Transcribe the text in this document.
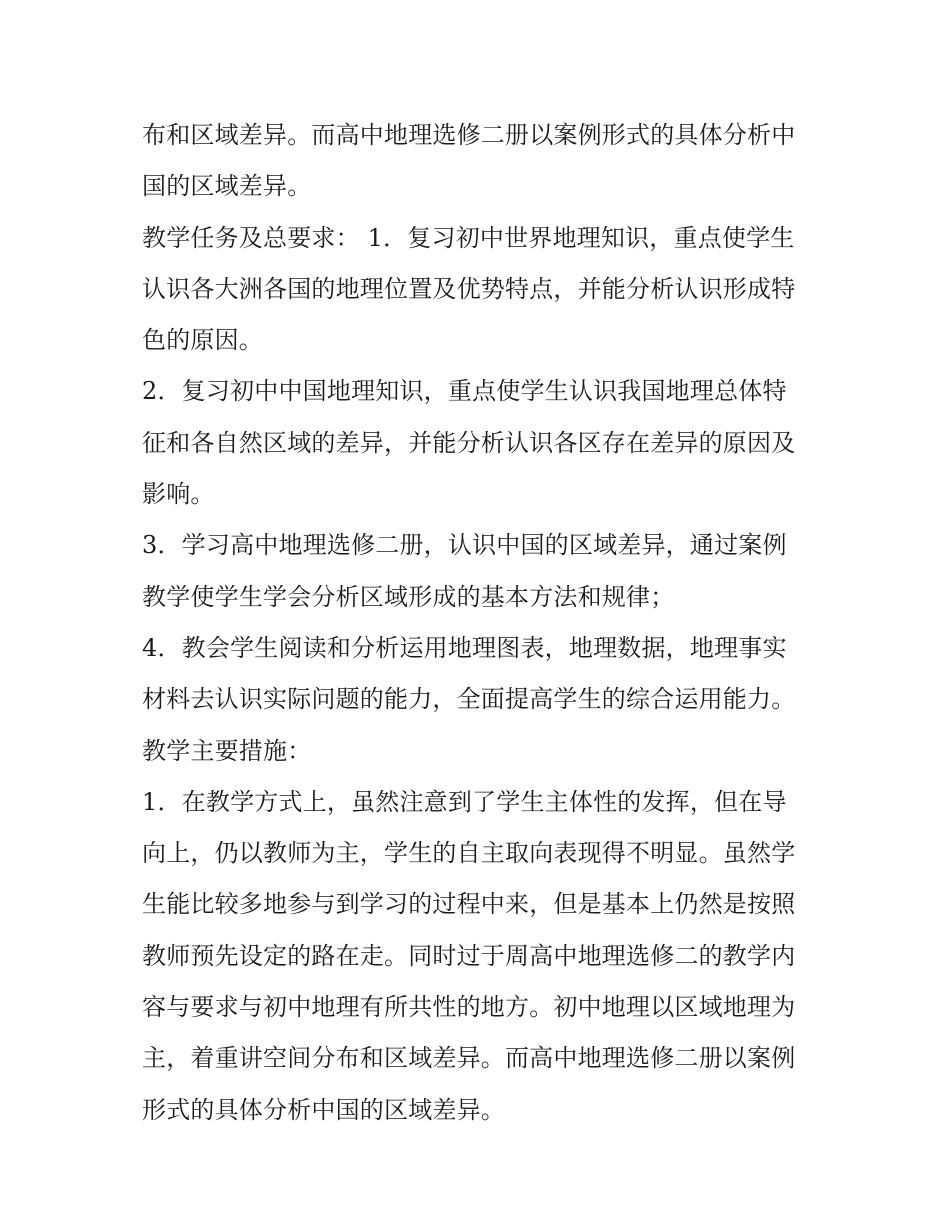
布和区域差异。而高中地理选修二册以案例形式的具体分析中
国的区域差异。
教学任务及总要求： 1．复习初中世界地理知识，重点使学生
认识各大洲各国的地理位置及优势特点，并能分析认识形成特
色的原因。
2．复习初中中国地理知识，重点使学生认识我国地理总体特
征和各自然区域的差异，并能分析认识各区存在差异的原因及
影响。
3．学习高中地理选修二册，认识中国的区域差异，通过案例
教学使学生学会分析区域形成的基本方法和规律；
4．教会学生阅读和分析运用地理图表，地理数据，地理事实
材料去认识实际问题的能力，全面提高学生的综合运用能力。
教学主要措施：
1．在教学方式上，虽然注意到了学生主体性的发挥，但在导
向上，仍以教师为主，学生的自主取向表现得不明显。虽然学
生能比较多地参与到学习的过程中来，但是基本上仍然是按照
教师预先设定的路在走。同时过于周高中地理选修二的教学内
容与要求与初中地理有所共性的地方。初中地理以区域地理为
主，着重讲空间分布和区域差异。而高中地理选修二册以案例
形式的具体分析中国的区域差异。
